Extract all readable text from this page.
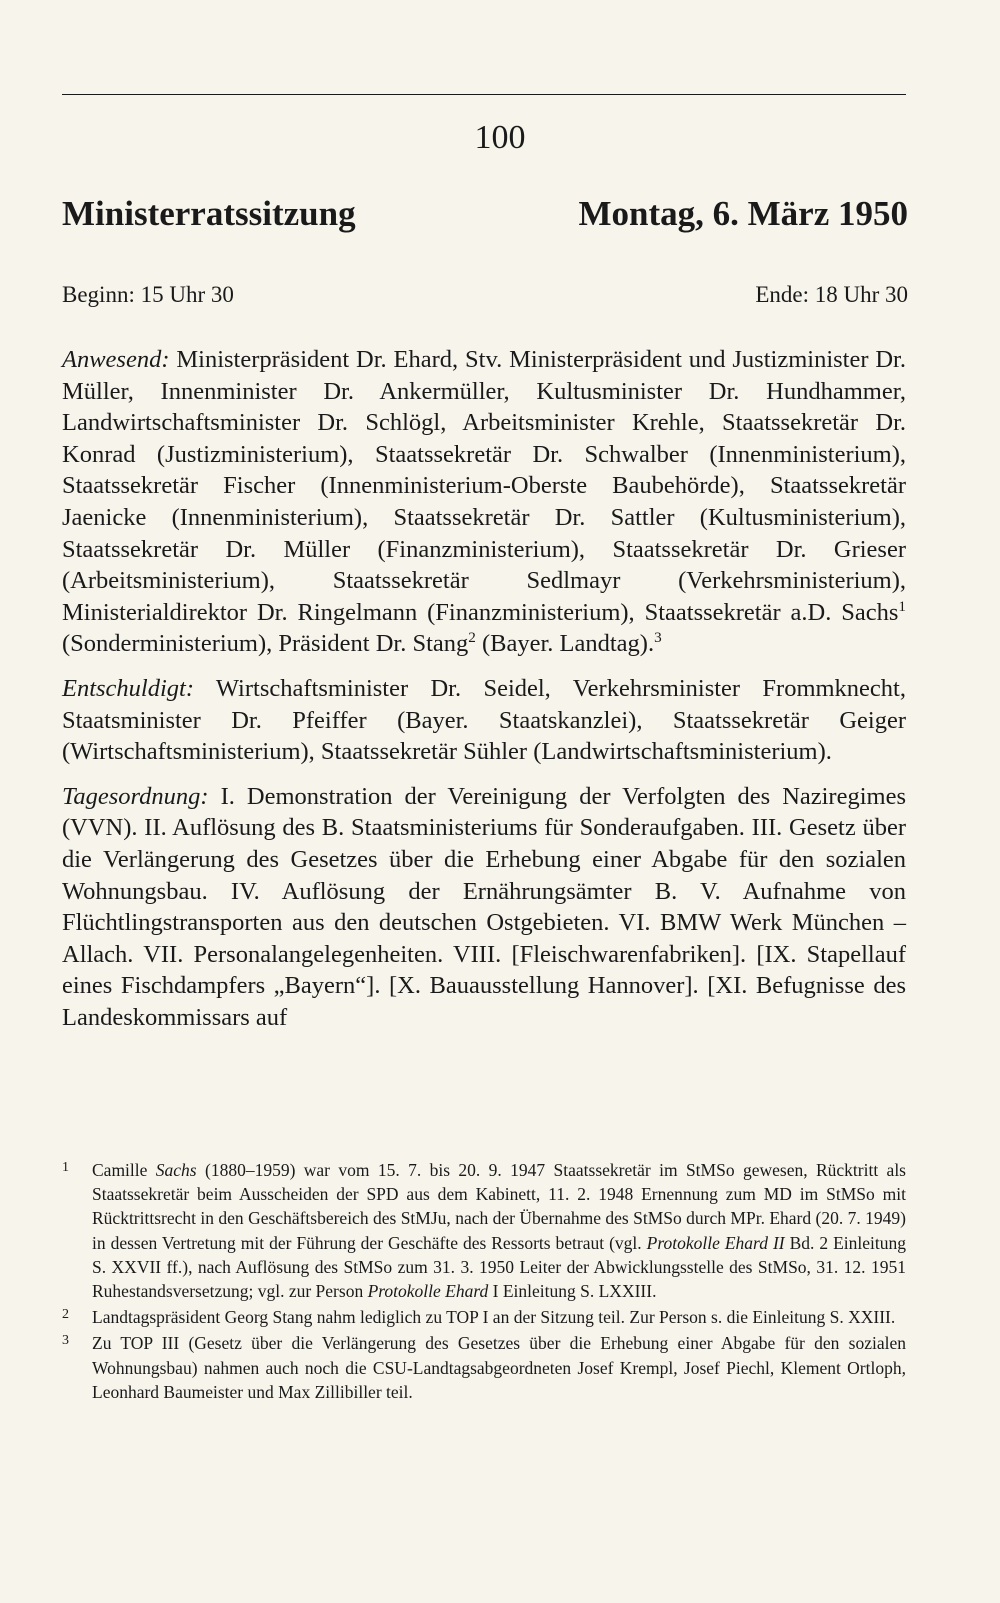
100
Ministerratssitzung	Montag, 6. März 1950
Beginn: 15 Uhr 30	Ende: 18 Uhr 30

Anwesend: Ministerpräsident Dr. Ehard, Stv. Ministerpräsident und Justizminister Dr. Müller, Innenminister Dr. Ankermüller, Kultusminister Dr. Hundhammer, Landwirtschaftsminister Dr. Schlögl, Arbeitsminister Krehle, Staatssekretär Dr. Konrad (Justizministerium), Staatssekretär Dr. Schwalber (Innenministerium), Staatssekretär Fischer (Innenministerium-Oberste Baubehörde), Staatssekretär Jaenicke (Innenministerium), Staatssekretär Dr. Sattler (Kultusministerium), Staatssekretär Dr. Müller (Finanzministerium), Staatssekretär Dr. Grieser (Arbeitsministerium), Staatssekretär Sedlmayr (Verkehrsministerium), Ministerialdirektor Dr. Ringelmann (Finanzministerium), Staatssekretär a.D. Sachs$^1$ (Sonderministerium), Präsident Dr. Stang$^2$ (Bayer. Landtag).$^3$

Entschuldigt: Wirtschaftsminister Dr. Seidel, Verkehrsminister Frommknecht, Staatsminister Dr. Pfeiffer (Bayer. Staatskanzlei), Staatssekretär Geiger (Wirtschaftsministerium), Staatssekretär Sühler (Landwirtschaftsministerium).

Tagesordnung: I. Demonstration der Vereinigung der Verfolgten des Naziregimes (VVN). II. Auflösung des B. Staatsministeriums für Sonderaufgaben. III. Gesetz über die Verlängerung des Gesetzes über die Erhebung einer Abgabe für den sozialen Wohnungsbau. IV. Auflösung der Ernährungsämter B. V. Aufnahme von Flüchtlingstransporten aus den deutschen Ostgebieten. VI. BMW Werk München – Allach. VII. Personalangelegenheiten. VIII. [Fleischwarenfabriken]. [IX. Stapellauf eines Fischdampfers „Bayern“]. [X. Bauausstellung Hannover]. [XI. Befugnisse des Landeskommissars auf

1 Camille Sachs (1880–1959) war vom 15. 7. bis 20. 9. 1947 Staatssekretär im StMSo gewesen, Rücktritt als Staatssekretär beim Ausscheiden der SPD aus dem Kabinett, 11. 2. 1948 Ernennung zum MD im StMSo mit Rücktrittsrecht in den Geschäftsbereich des StMJu, nach der Übernahme des StMSo durch MPr. Ehard (20. 7. 1949) in dessen Vertretung mit der Führung der Geschäfte des Ressorts betraut (vgl. Protokolle Ehard II Bd. 2 Einleitung S. XXVII ff.), nach Auflösung des StMSo zum 31. 3. 1950 Leiter der Abwicklungsstelle des StMSo, 31. 12. 1951 Ruhestandsversetzung; vgl. zur Person Protokolle Ehard I Einleitung S. LXXIII.
2 Landtagspräsident Georg Stang nahm lediglich zu TOP I an der Sitzung teil. Zur Person s. die Einleitung S. XXIII.
3 Zu TOP III (Gesetz über die Verlängerung des Gesetzes über die Erhebung einer Abgabe für den sozialen Wohnungsbau) nahmen auch noch die CSU-Landtagsabgeordneten Josef Krempl, Josef Piechl, Klement Ortloph, Leonhard Baumeister und Max Zillibiller teil.
